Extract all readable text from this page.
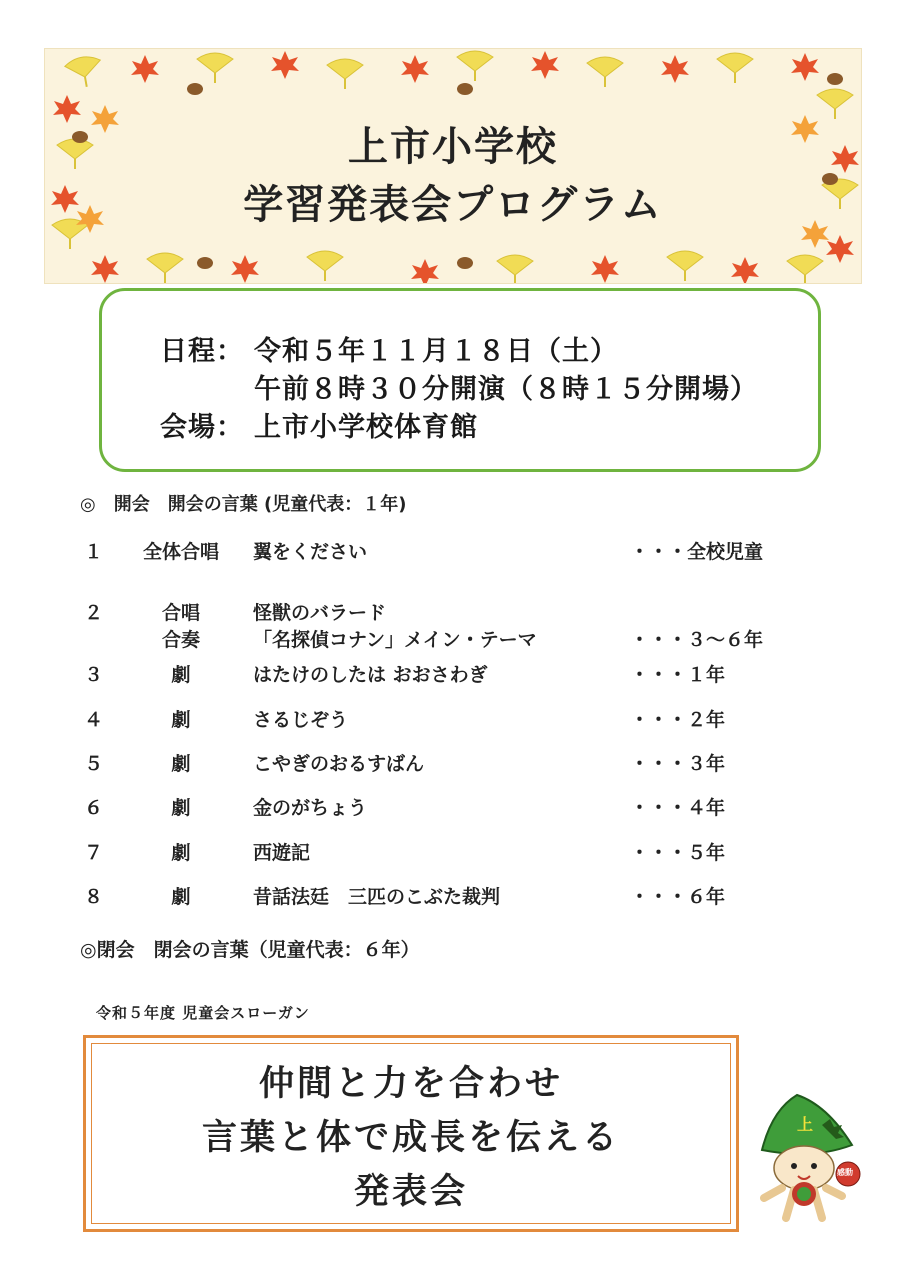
上市小学校
学習発表会プログラム
日程： 令和５年１１月１８日（土）
午前８時３０分開演（８時１５分開場）
会場： 上市小学校体育館
◎　開会　開会の言葉 (児童代表：１年)
１	全体合唱	翼をください	・・・全校児童
２	合唱	怪獣のバラード
合奏	「名探偵コナン」メイン・テーマ	・・・３～６年
３	劇	はたけのしたは おおさわぎ	・・・１年
４	劇	さるじぞう	・・・２年
５	劇	こやぎのおるすばん	・・・３年
６	劇	金のがちょう	・・・４年
７	劇	西遊記	・・・５年
８	劇	昔話法廷　三匹のこぶた裁判	・・・６年
◎閉会　閉会の言葉（児童代表：６年）
令和５年度 児童会スローガン
仲間と力を合わせ
言葉と体で成長を伝える
発表会
上
感動
